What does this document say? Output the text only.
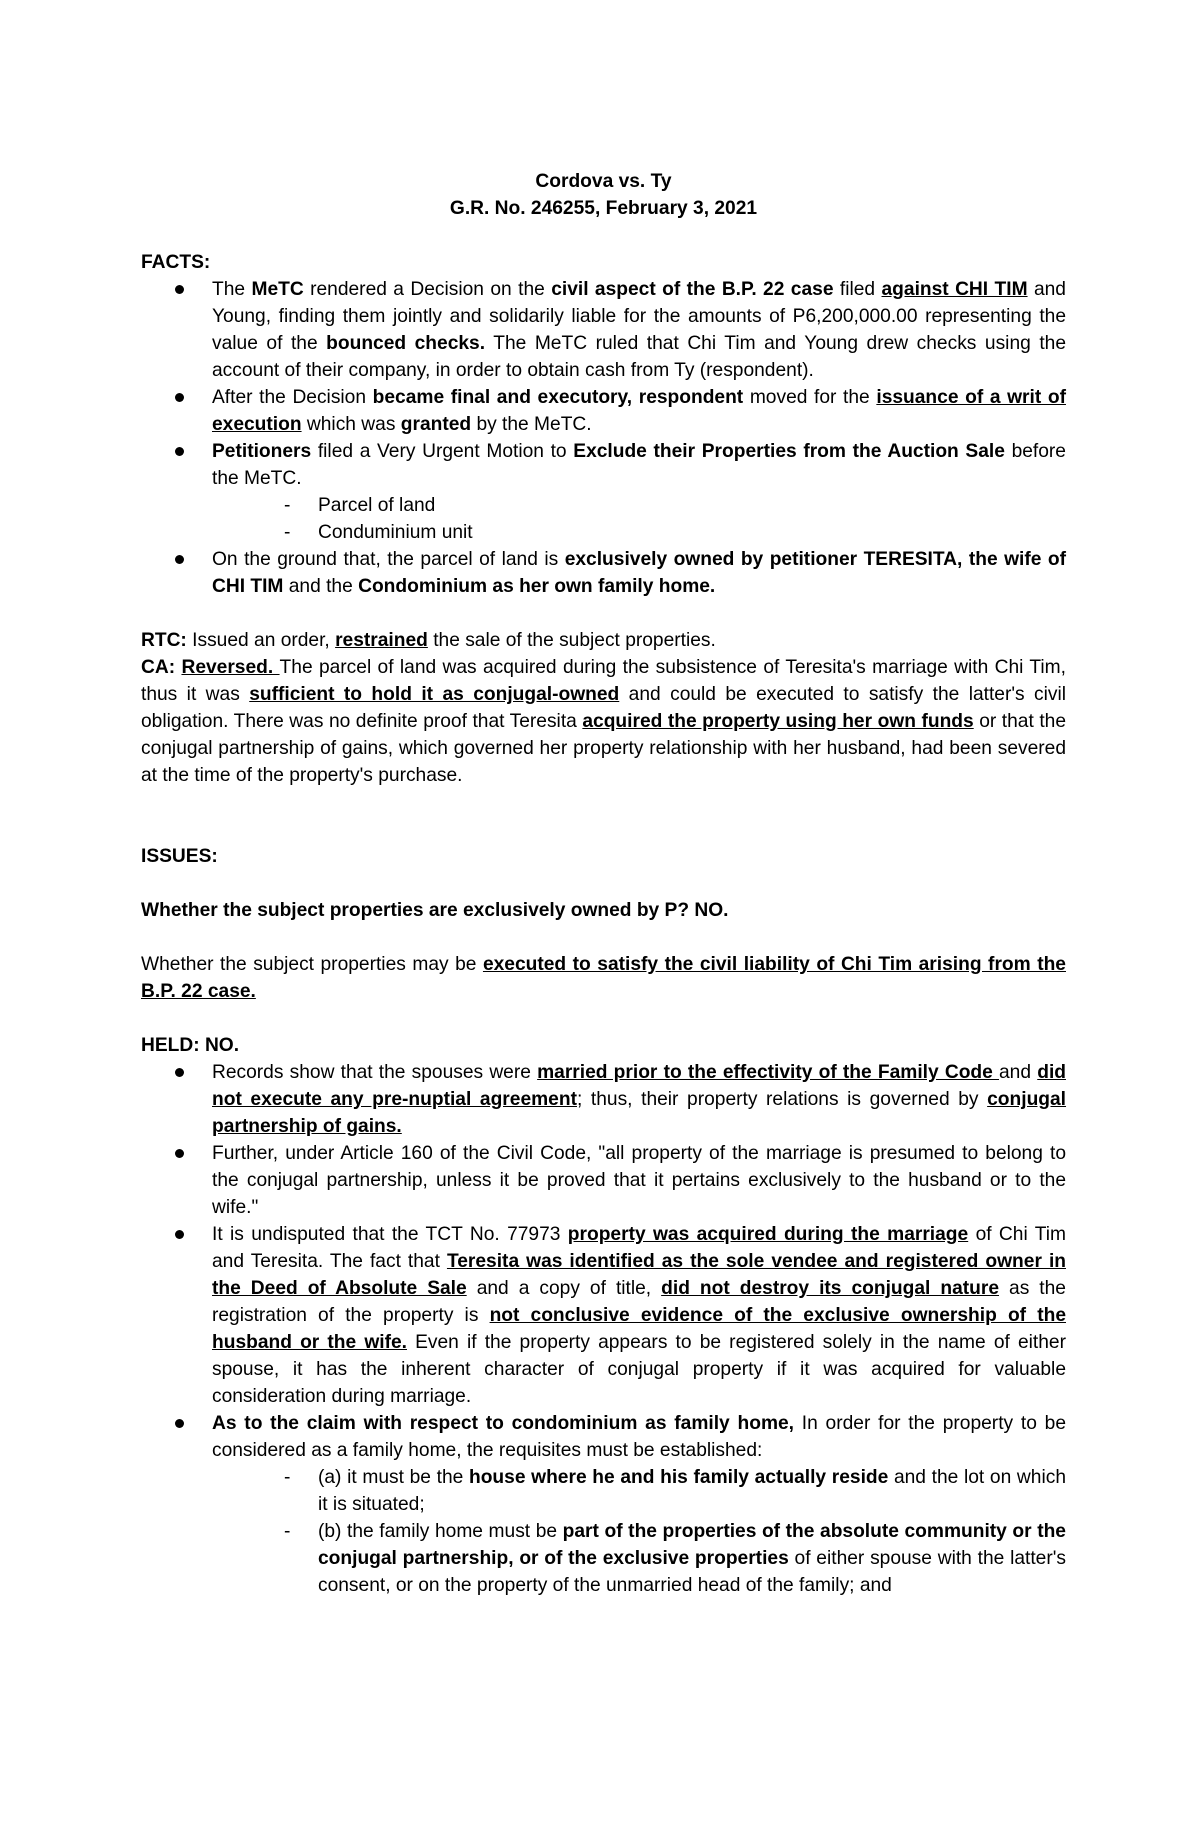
Cordova vs. Ty

G.R. No. 246255, February 3, 2021

FACTS:

The MeTC rendered a Decision on the civil aspect of the B.P. 22 case filed against CHI TIM and Young, finding them jointly and solidarily liable for the amounts of P6,200,000.00 representing the value of the bounced checks. The MeTC ruled that Chi Tim and Young drew checks using the account of their company, in order to obtain cash from Ty (respondent).
After the Decision became final and executory, respondent moved for the issuance of a writ of execution which was granted by the MeTC.
Petitioners filed a Very Urgent Motion to Exclude their Properties from the Auction Sale before the MeTC.
- Parcel of land
- Conduminium unit
On the ground that, the parcel of land is exclusively owned by petitioner TERESITA, the wife of CHI TIM and the Condominium as her own family home.

RTC: Issued an order, restrained the sale of the subject properties.

CA: Reversed. The parcel of land was acquired during the subsistence of Teresita's marriage with Chi Tim, thus it was sufficient to hold it as conjugal-owned and could be executed to satisfy the latter's civil obligation. There was no definite proof that Teresita acquired the property using her own funds or that the conjugal partnership of gains, which governed her property relationship with her husband, had been severed at the time of the property's purchase.

ISSUES:

Whether the subject properties are exclusively owned by P? NO.

Whether the subject properties may be executed to satisfy the civil liability of Chi Tim arising from the B.P. 22 case.

HELD: NO.

Records show that the spouses were married prior to the effectivity of the Family Code and did not execute any pre-nuptial agreement; thus, their property relations is governed by conjugal partnership of gains.
Further, under Article 160 of the Civil Code, "all property of the marriage is presumed to belong to the conjugal partnership, unless it be proved that it pertains exclusively to the husband or to the wife."
It is undisputed that the TCT No. 77973 property was acquired during the marriage of Chi Tim and Teresita. The fact that Teresita was identified as the sole vendee and registered owner in the Deed of Absolute Sale and a copy of title, did not destroy its conjugal nature as the registration of the property is not conclusive evidence of the exclusive ownership of the husband or the wife. Even if the property appears to be registered solely in the name of either spouse, it has the inherent character of conjugal property if it was acquired for valuable consideration during marriage.
As to the claim with respect to condominium as family home, In order for the property to be considered as a family home, the requisites must be established:
- (a) it must be the house where he and his family actually reside and the lot on which it is situated;
- (b) the family home must be part of the properties of the absolute community or the conjugal partnership, or of the exclusive properties of either spouse with the latter's consent, or on the property of the unmarried head of the family; and
